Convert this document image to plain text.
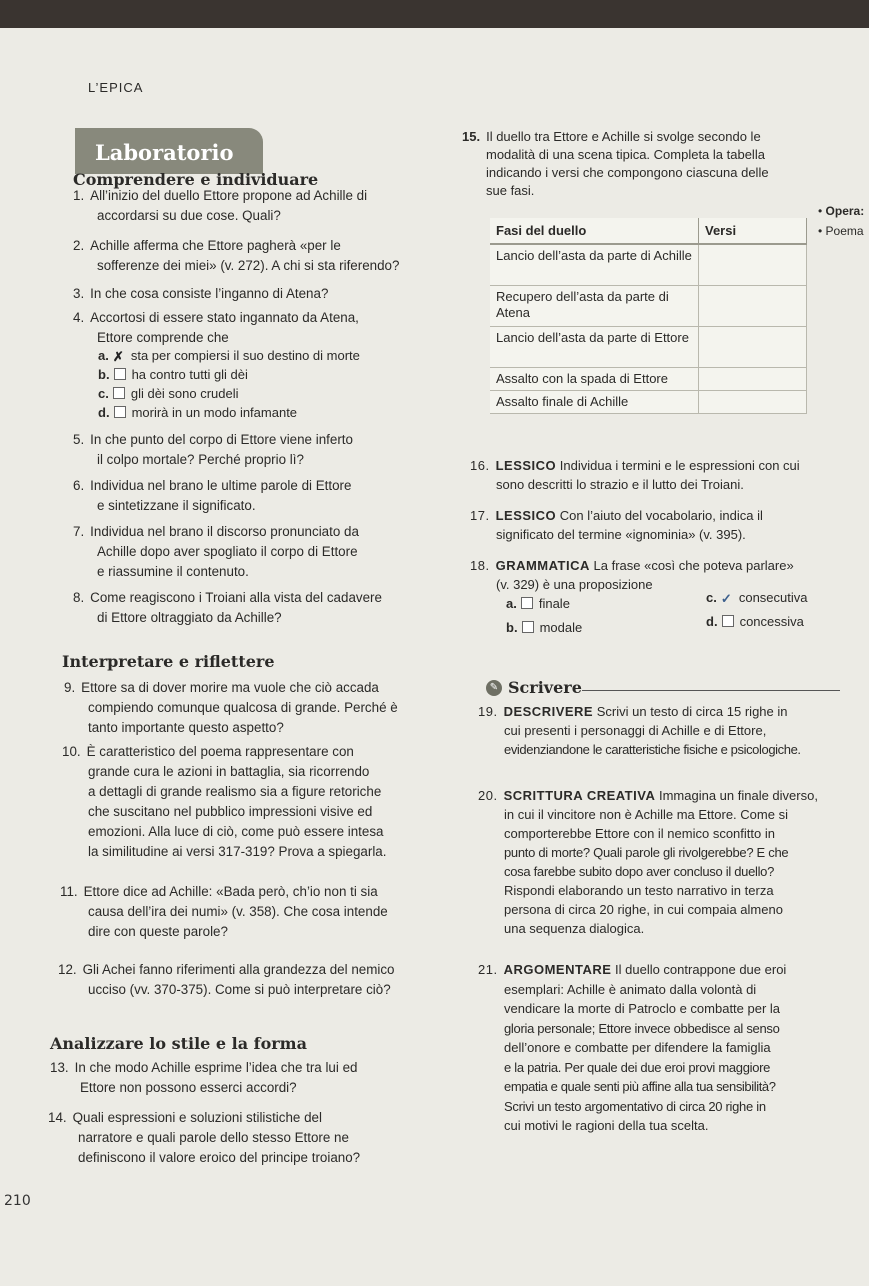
L’EPICA
Laboratorio
Comprendere e individuare
1. All’inizio del duello Ettore propone ad Achille di
accordarsi su due cose. Quali?
2. Achille afferma che Ettore pagherà «per le
sofferenze dei miei» (v. 272). A chi si sta riferendo?
3. In che cosa consiste l’inganno di Atena?
4. Accortosi di essere stato ingannato da Atena,
Ettore comprende che
a. ✗ sta per compiersi il suo destino di morte
b. ha contro tutti gli dèi
c. gli dèi sono crudeli
d. morirà in un modo infamante
5. In che punto del corpo di Ettore viene inferto
il colpo mortale? Perché proprio lì?
6. Individua nel brano le ultime parole di Ettore
e sintetizzane il significato.
7. Individua nel brano il discorso pronunciato da
Achille dopo aver spogliato il corpo di Ettore
e riassumine il contenuto.
8. Come reagiscono i Troiani alla vista del cadavere
di Ettore oltraggiato da Achille?
Interpretare e riflettere
9. Ettore sa di dover morire ma vuole che ciò accada
compiendo comunque qualcosa di grande. Perché è
tanto importante questo aspetto?
10. È caratteristico del poema rappresentare con
grande cura le azioni in battaglia, sia ricorrendo
a dettagli di grande realismo sia a figure retoriche
che suscitano nel pubblico impressioni visive ed
emozioni. Alla luce di ciò, come può essere intesa
la similitudine ai versi 317-319? Prova a spiegarla.
11. Ettore dice ad Achille: «Bada però, ch’io non ti sia
causa dell’ira dei numi» (v. 358). Che cosa intende
dire con queste parole?
12. Gli Achei fanno riferimenti alla grandezza del nemico
ucciso (vv. 370-375). Come si può interpretare ciò?
Analizzare lo stile e la forma
13. In che modo Achille esprime l’idea che tra lui ed
Ettore non possono esserci accordi?
14. Quali espressioni e soluzioni stilistiche del
narratore e quali parole dello stesso Ettore ne
definiscono il valore eroico del principe troiano?
210
15. Il duello tra Ettore e Achille si svolge secondo le
modalità di una scena tipica. Completa la tabella
indicando i versi che compongono ciascuna delle
sue fasi.
Fasi del duello	Versi
Lancio dell’asta da parte di Achille	
Recupero dell’asta da parte di Atena	
Lancio dell’asta da parte di Ettore	
Assalto con la spada di Ettore	
Assalto finale di Achille	
• Opera:
• Poema
16. LESSICO Individua i termini e le espressioni con cui
sono descritti lo strazio e il lutto dei Troiani.
17. LESSICO Con l’aiuto del vocabolario, indica il
significato del termine «ignominia» (v. 395).
18. GRAMMATICA La frase «così che poteva parlare»
(v. 329) è una proposizione
a. finale
b. modale
c. ✓ consecutiva
d. concessiva
✎ Scrivere
19. DESCRIVERE Scrivi un testo di circa 15 righe in
cui presenti i personaggi di Achille e di Ettore,
evidenziandone le caratteristiche fisiche e psicologiche.
20. SCRITTURA CREATIVA Immagina un finale diverso,
in cui il vincitore non è Achille ma Ettore. Come si
comporterebbe Ettore con il nemico sconfitto in
punto di morte? Quali parole gli rivolgerebbe? E che
cosa farebbe subito dopo aver concluso il duello?
Rispondi elaborando un testo narrativo in terza
persona di circa 20 righe, in cui compaia almeno
una sequenza dialogica.
21. ARGOMENTARE Il duello contrappone due eroi
esemplari: Achille è animato dalla volontà di
vendicare la morte di Patroclo e combatte per la
gloria personale; Ettore invece obbedisce al senso
dell’onore e combatte per difendere la famiglia
e la patria. Per quale dei due eroi provi maggiore
empatia e quale senti più affine alla tua sensibilità?
Scrivi un testo argomentativo di circa 20 righe in
cui motivi le ragioni della tua scelta.
